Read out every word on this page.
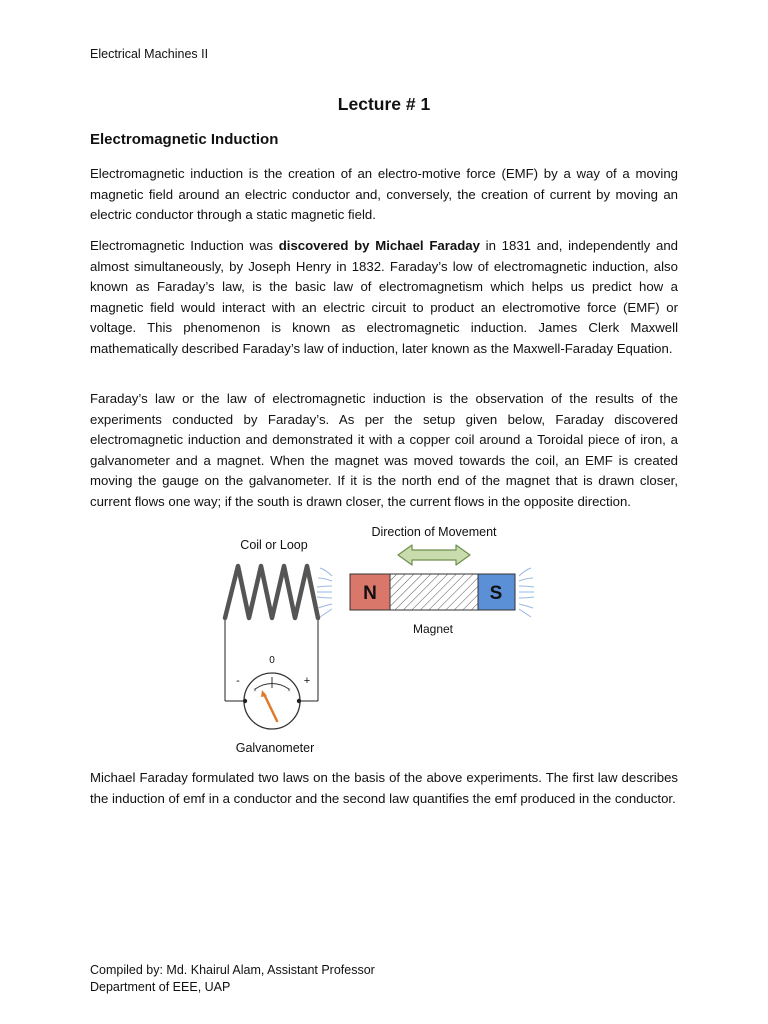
Electrical Machines II
Lecture # 1
Electromagnetic Induction

Electromagnetic induction is the creation of an electro-motive force (EMF) by a way of a moving magnetic field around an electric conductor and, conversely, the creation of current by moving an electric conductor through a static magnetic field.

Electromagnetic Induction was discovered by Michael Faraday in 1831 and, independently and almost simultaneously, by Joseph Henry in 1832. Faraday’s low of electromagnetic induction, also known as Faraday’s law, is the basic law of electromagnetism which helps us predict how a magnetic field would interact with an electric circuit to product an electromotive force (EMF) or voltage. This phenomenon is known as electromagnetic induction. James Clerk Maxwell mathematically described Faraday’s law of induction, later known as the Maxwell-Faraday Equation.

Faraday’s law or the law of electromagnetic induction is the observation of the results of the experiments conducted by Faraday’s. As per the setup given below, Faraday discovered electromagnetic induction and demonstrated it with a copper coil around a Toroidal piece of iron, a galvanometer and a magnet. When the magnet was moved towards the coil, an EMF is created moving the gauge on the galvanometer. If it is the north end of the magnet that is drawn closer, current flows one way; if the south is drawn closer, the current flows in the opposite direction.

Coil or Loop
N	S
Magnet
Direction of Movement
×	×
0
-	+
Galvanometer

Michael Faraday formulated two laws on the basis of the above experiments. The first law describes the induction of emf in a conductor and the second law quantifies the emf produced in the conductor.

Compiled by: Md. Khairul Alam, Assistant Professor
Department of EEE, UAP
